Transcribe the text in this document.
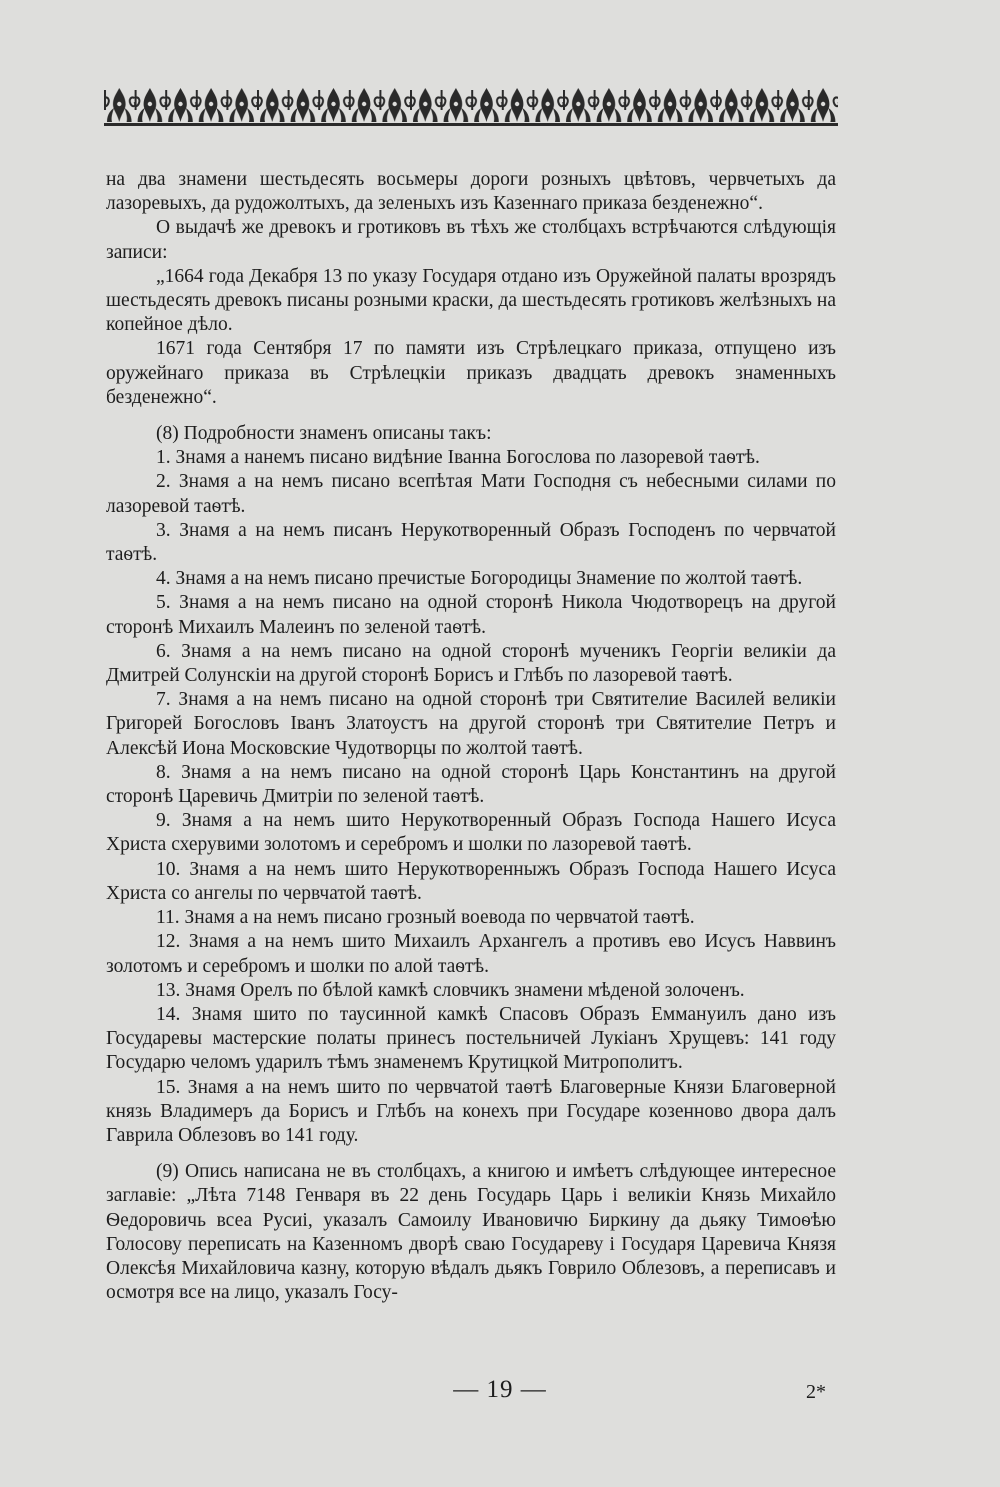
на два знамени шестьдесять восьмеры дороги розныхъ цвѣтовъ, червчетыхъ да лазоревыхъ, да рудожолтыхъ, да зеленыхъ изъ Казеннаго приказа безденежно“.

О выдачѣ же древокъ и гротиковъ въ тѣхъ же столбцахъ встрѣчаются слѣдующія записи:

„1664 года Декабря 13 по указу Государя отдано изъ Оружейной палаты врозрядъ шестьдесять древокъ писаны розными краски, да шестьдесять гротиковъ желѣзныхъ на копейное дѣло.

1671 года Сентября 17 по памяти изъ Стрѣлецкаго приказа, отпущено изъ оружейнаго приказа въ Стрѣлецкiи приказъ двадцать древокъ знаменныхъ безденежно“.

(8) Подробности знаменъ описаны такъ:

1. Знамя а нанемъ писано видѣние Iванна Богослова по лазоревой таѳтѣ.

2. Знамя а на немъ писано всепѣтая Мати Господня съ небесными силами по лазоревой таѳтѣ.

3. Знамя а на немъ писанъ Нерукотворенный Образъ Господенъ по червчатой таѳтѣ.

4. Знамя а на немъ писано пречистые Богородицы Знамение по жолтой таѳтѣ.

5. Знамя а на немъ писано на одной сторонѣ Никола Чюдотворецъ на другой сторонѣ Михаилъ Малеинъ по зеленой таѳтѣ.

6. Знамя а на немъ писано на одной сторонѣ мученикъ Георгiи великiи да Дмитрей Солунскiи на другой сторонѣ Борисъ и Глѣбъ по лазоревой таѳтѣ.

7. Знамя а на немъ писано на одной сторонѣ три Святителие Василей великiи Григорей Богословъ Iванъ Златоустъ на другой сторонѣ три Святителие Петръ и Алексѣй Иона Московские Чудотворцы по жолтой таѳтѣ.

8. Знамя а на немъ писано на одной сторонѣ Царь Константинъ на другой сторонѣ Царевичь Дмитрiи по зеленой таѳтѣ.

9. Знамя а на немъ шито Нерукотворенный Образъ Господа Нашего Исуса Христа схерувими золотомъ и серебромъ и шолки по лазоревой таѳтѣ.

10. Знамя а на немъ шито Нерукотворенныжъ Образъ Господа Нашего Исуса Христа со ангелы по червчатой таѳтѣ.

11. Знамя а на немъ писано грозный воевода по червчатой таѳтѣ.

12. Знамя а на немъ шито Михаилъ Архангелъ а противъ ево Исусъ Наввинъ золотомъ и серебромъ и шолки по алой таѳтѣ.

13. Знамя Орелъ по бѣлой камкѣ словчикъ знамени мѣденой золоченъ.

14. Знамя шито по таусинной камкѣ Спасовъ Образъ Еммануилъ дано изъ Государевы мастерские полаты принесъ постельничей Лукiанъ Хрущевъ: 141 году Государю челомъ ударилъ тѣмъ знаменемъ Крутицкой Митрополитъ.

15. Знамя а на немъ шито по червчатой таѳтѣ Благоверные Князи Благоверной князь Владимеръ да Борисъ и Глѣбъ на конехъ при Государе козенново двора далъ Гаврила Облезовъ во 141 году.

(9) Опись написана не въ столбцахъ, а книгою и имѣетъ слѣдующее интересное заглавiе: „Лѣта 7148 Генваря въ 22 день Государь Царь i великiи Князь Михайло Ѳедоровичь всеа Русиi, указалъ Самоилу Ивановичю Биркину да дьяку Тимоѳѣю Голосову переписать на Казенномъ дворѣ сваю Государеву i Государя Царевича Князя Олексѣя Михайловича казну, которую вѣдалъ дьякъ Говрило Облезовъ, а переписавъ и осмотря все на лицо, указалъ Госу-

— 19 —	2*
